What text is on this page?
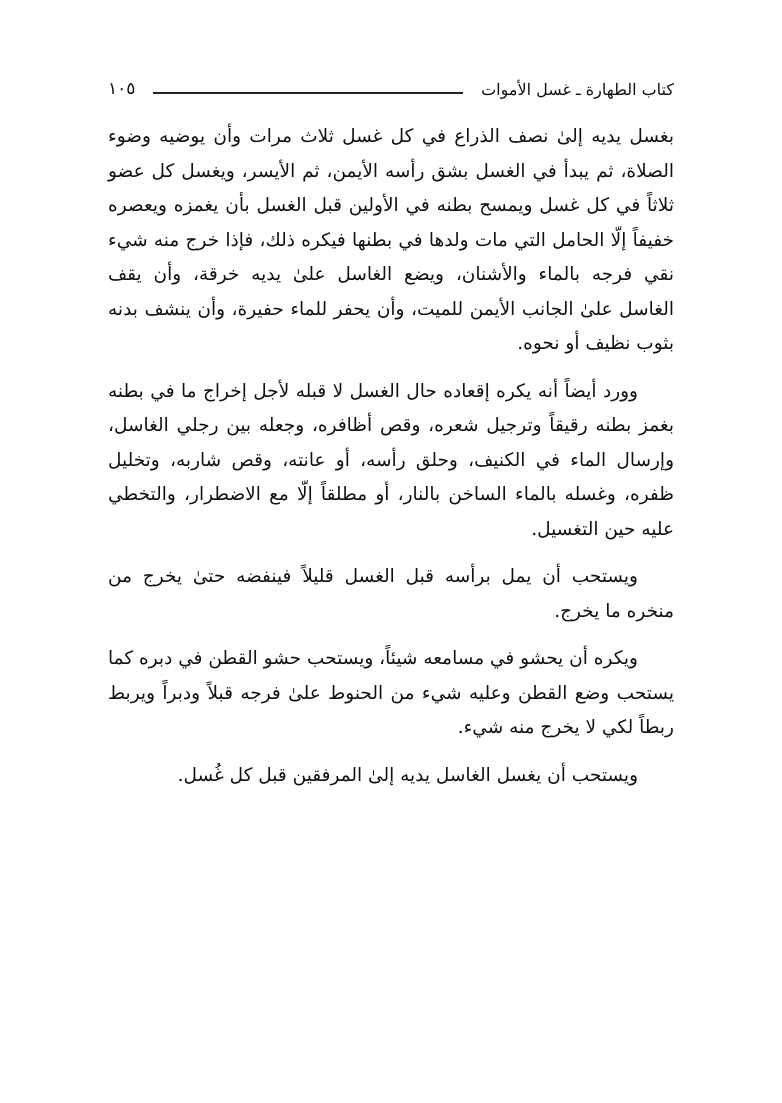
كتاب الطهارة ـ غسل الأموات
١٠٥

بغسل يديه إلىٰ نصف الذراع في كل غسل ثلاث مرات وأن يوضيه وضوء الصلاة، ثم يبدأ في الغسل بشق رأسه الأيمن، ثم الأيسر، ويغسل كل عضو ثلاثاً في كل غسل ويمسح بطنه في الأولين قبل الغسل بأن يغمزه ويعصره خفيفاً إلّا الحامل التي مات ولدها في بطنها فيكره ذلك، فإذا خرج منه شيء نقي فرجه بالماء والأشنان، ويضع الغاسل علىٰ يديه خرقة، وأن يقف الغاسل علىٰ الجانب الأيمن للميت، وأن يحفر للماء حفيرة، وأن ينشف بدنه بثوب نظيف أو نحوه.

وورد أيضاً أنه يكره إقعاده حال الغسل لا قبله لأجل إخراج ما في بطنه بغمز بطنه رقيقاً وترجيل شعره، وقص أظافره، وجعله بين رجلي الغاسل، وإرسال الماء في الكنيف، وحلق رأسه، أو عانته، وقص شاربه، وتخليل ظفره، وغسله بالماء الساخن بالنار، أو مطلقاً إلّا مع الاضطرار، والتخطي عليه حين التغسيل.

ويستحب أن يمل برأسه قبل الغسل قليلاً فينفضه حتىٰ يخرج من منخره ما يخرج.

ويكره أن يحشو في مسامعه شيئاً، ويستحب حشو القطن في دبره كما يستحب وضع القطن وعليه شيء من الحنوط علىٰ فرجه قبلاً ودبراً ويربط ربطاً لكي لا يخرج منه شيء.

ويستحب أن يغسل الغاسل يديه إلىٰ المرفقين قبل كل غُسل.
